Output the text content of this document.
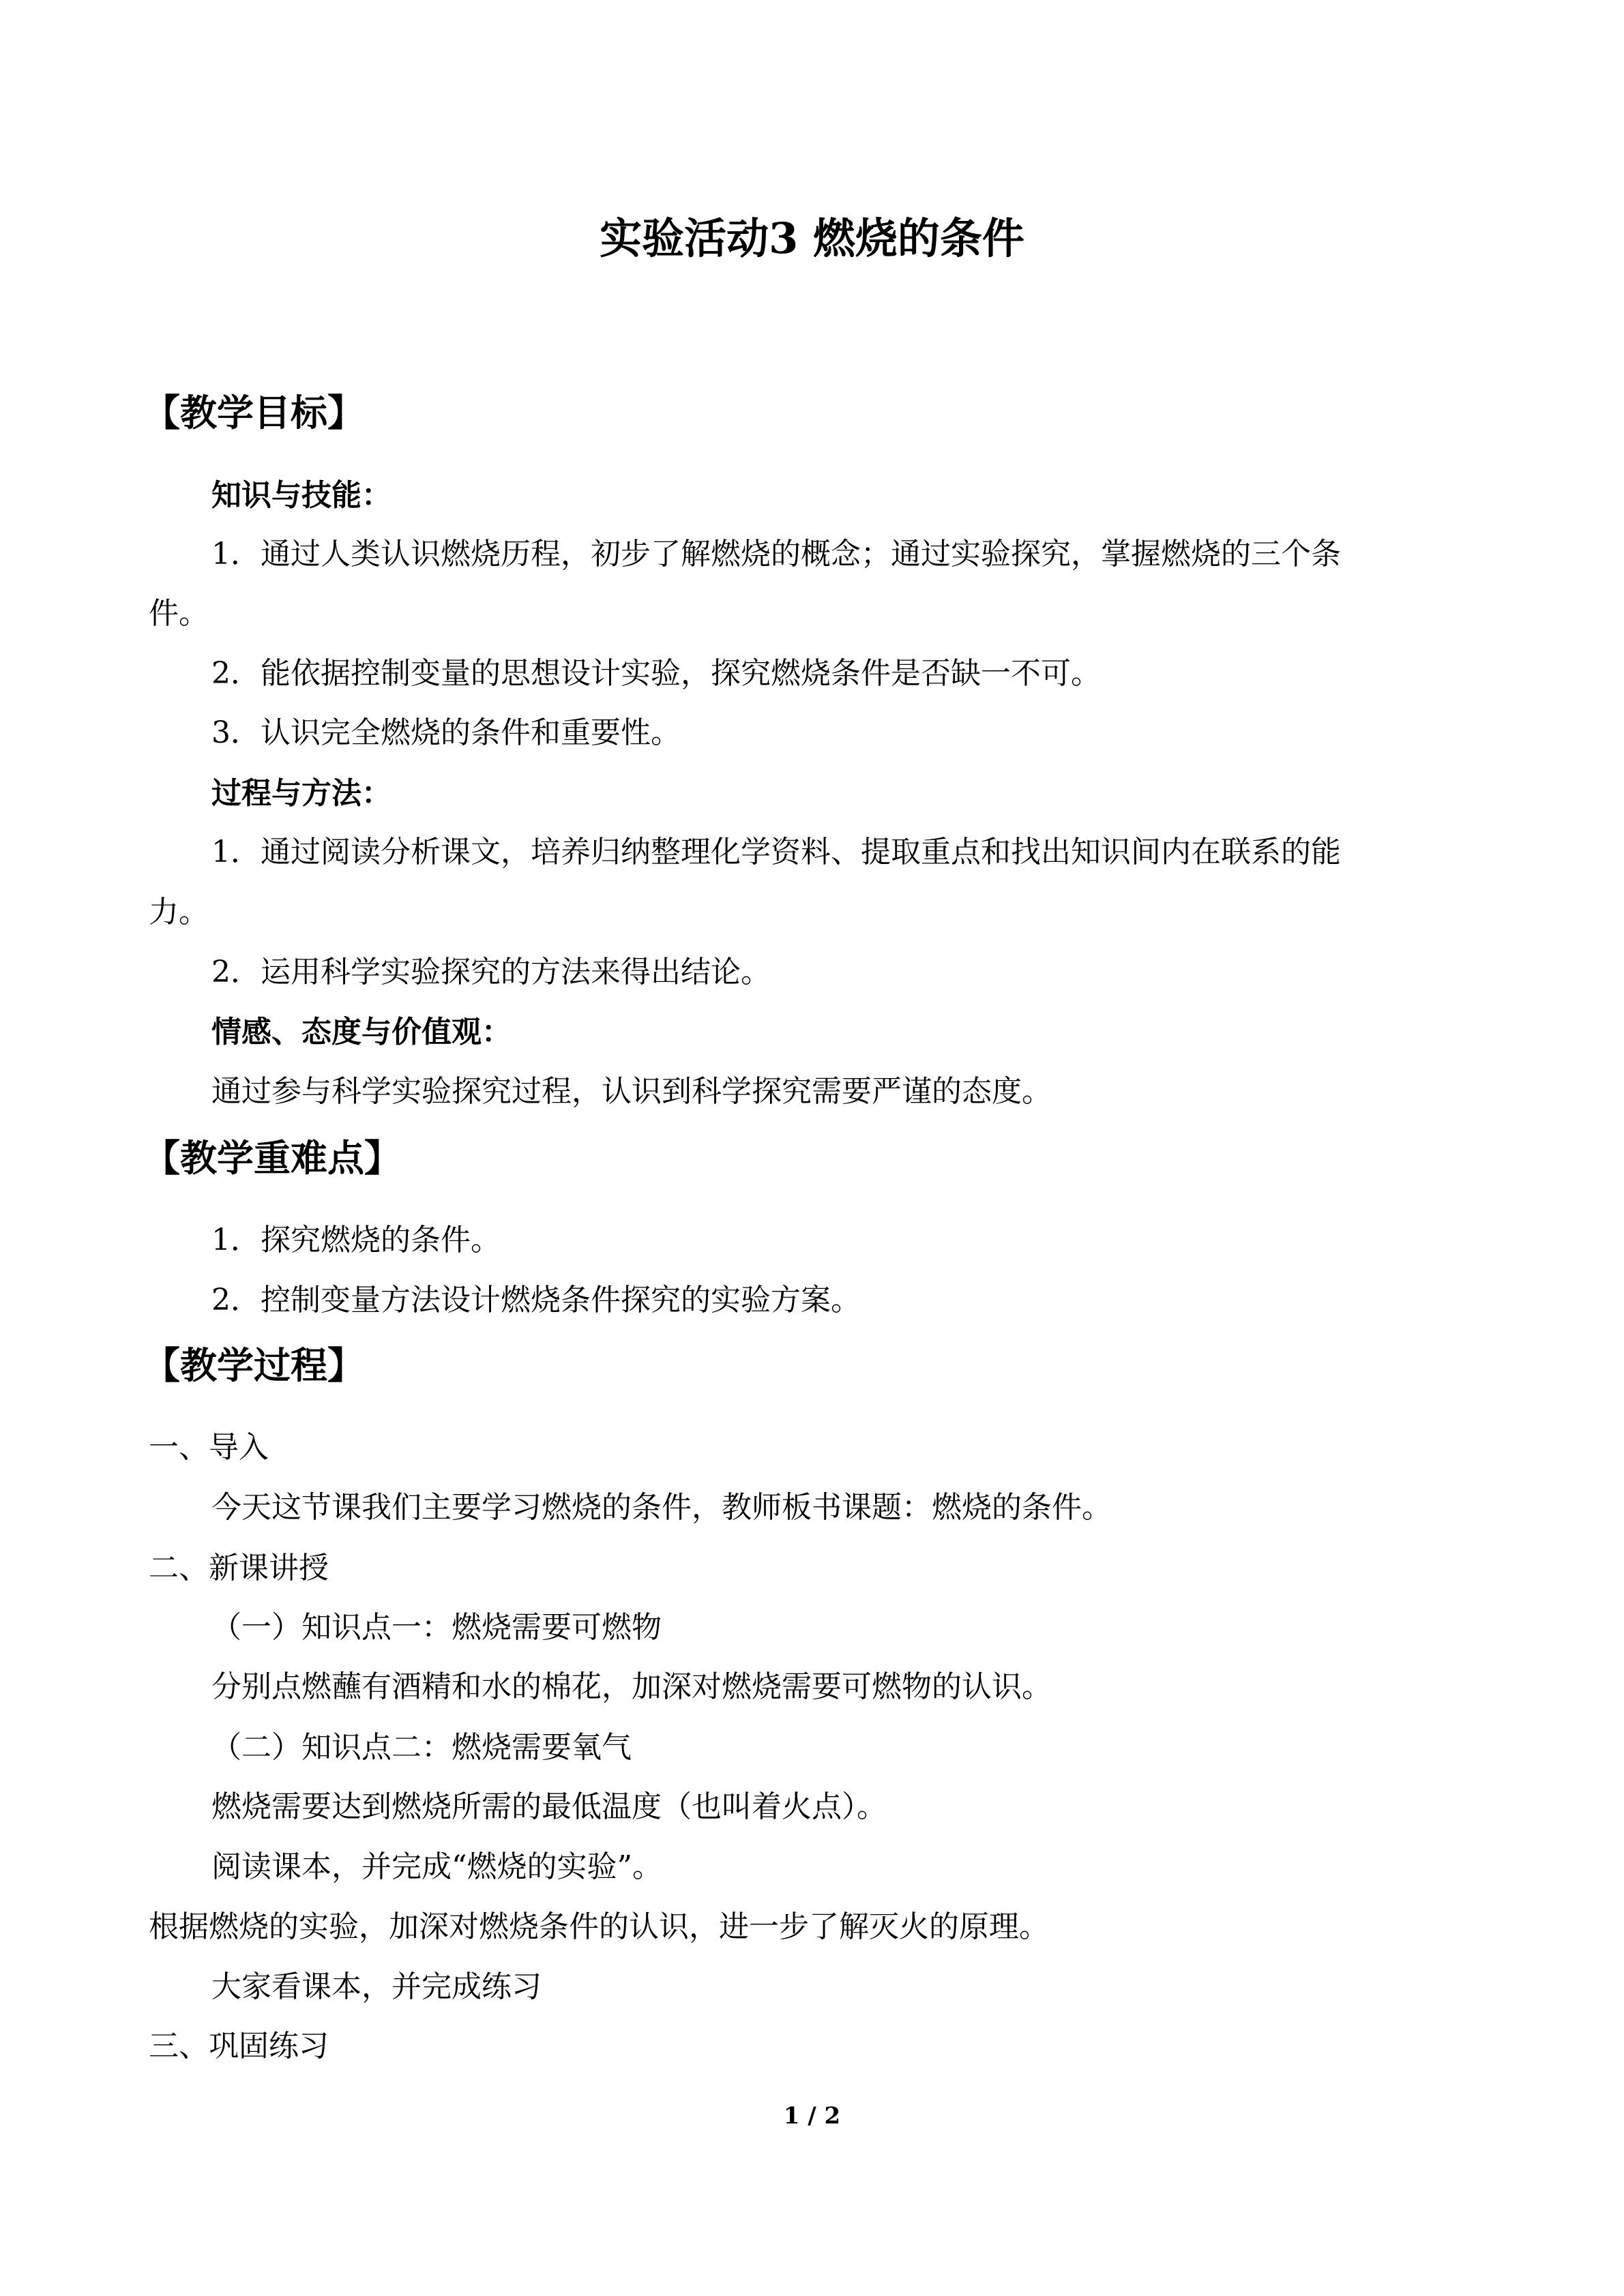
实验活动3 燃烧的条件
【教学目标】
知识与技能：
1．通过人类认识燃烧历程，初步了解燃烧的概念；通过实验探究，掌握燃烧的三个条
件。
2．能依据控制变量的思想设计实验，探究燃烧条件是否缺一不可。
3．认识完全燃烧的条件和重要性。
过程与方法：
1．通过阅读分析课文，培养归纳整理化学资料、提取重点和找出知识间内在联系的能
力。
2．运用科学实验探究的方法来得出结论。
情感、态度与价值观：
通过参与科学实验探究过程，认识到科学探究需要严谨的态度。
【教学重难点】
1．探究燃烧的条件。
2．控制变量方法设计燃烧条件探究的实验方案。
【教学过程】
一、导入
今天这节课我们主要学习燃烧的条件，教师板书课题：燃烧的条件。
二、新课讲授
（一）知识点一：燃烧需要可燃物
分别点燃蘸有酒精和水的棉花，加深对燃烧需要可燃物的认识。
（二）知识点二：燃烧需要氧气
燃烧需要达到燃烧所需的最低温度（也叫着火点）。
阅读课本，并完成“燃烧的实验”。
根据燃烧的实验，加深对燃烧条件的认识，进一步了解灭火的原理。
大家看课本，并完成练习
三、巩固练习
1 / 2
